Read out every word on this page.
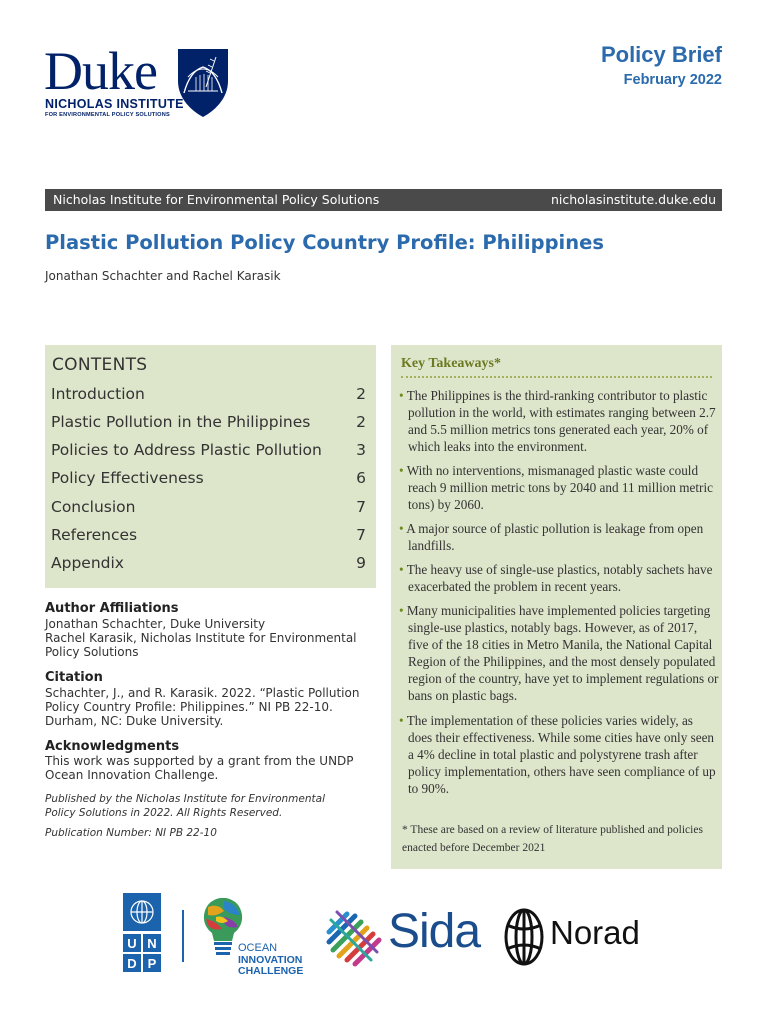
Duke
NICHOLAS INSTITUTE
FOR ENVIRONMENTAL POLICY SOLUTIONS
Policy Brief
February 2022
Nicholas Institute for Environmental Policy Solutions	nicholasinstitute.duke.edu
Plastic Pollution Policy Country Profile: Philippines
Jonathan Schachter and Rachel Karasik
CONTENTS
Introduction	2
Plastic Pollution in the Philippines	2
Policies to Address Plastic Pollution 3
Policy Effectiveness	6
Conclusion	7
References	7
Appendix	9
Author Affiliations
Jonathan Schachter, Duke University
Rachel Karasik, Nicholas Institute for Environmental Policy Solutions
Citation
Schachter, J., and R. Karasik. 2022. “Plastic Pollution Policy Country Profile: Philippines.” NI PB 22-10. Durham, NC: Duke University.
Acknowledgments
This work was supported by a grant from the UNDP Ocean Innovation Challenge.
Published by the Nicholas Institute for Environmental Policy Solutions in 2022. All Rights Reserved.
Publication Number: NI PB 22-10
Key Takeaways*
• The Philippines is the third-ranking contributor to plastic pollution in the world, with estimates ranging between 2.7 and 5.5 million metrics tons generated each year, 20% of which leaks into the environment.
• With no interventions, mismanaged plastic waste could reach 9 million metric tons by 2040 and 11 million metric tons) by 2060.
• A major source of plastic pollution is leakage from open landfills.
• The heavy use of single-use plastics, notably sachets have exacerbated the problem in recent years.
• Many municipalities have implemented policies targeting single-use plastics, notably bags. However, as of 2017, five of the 18 cities in Metro Manila, the National Capital Region of the Philippines, and the most densely populated region of the country, have yet to implement regulations or bans on plastic bags.
• The implementation of these policies varies widely, as does their effectiveness. While some cities have only seen a 4% decline in total plastic and polystyrene trash after policy implementation, others have seen compliance of up to 90%.
* These are based on a review of literature published and policies enacted before December 2021
U N
D P
OCEAN
INNOVATION
CHALLENGE
Sida Norad
